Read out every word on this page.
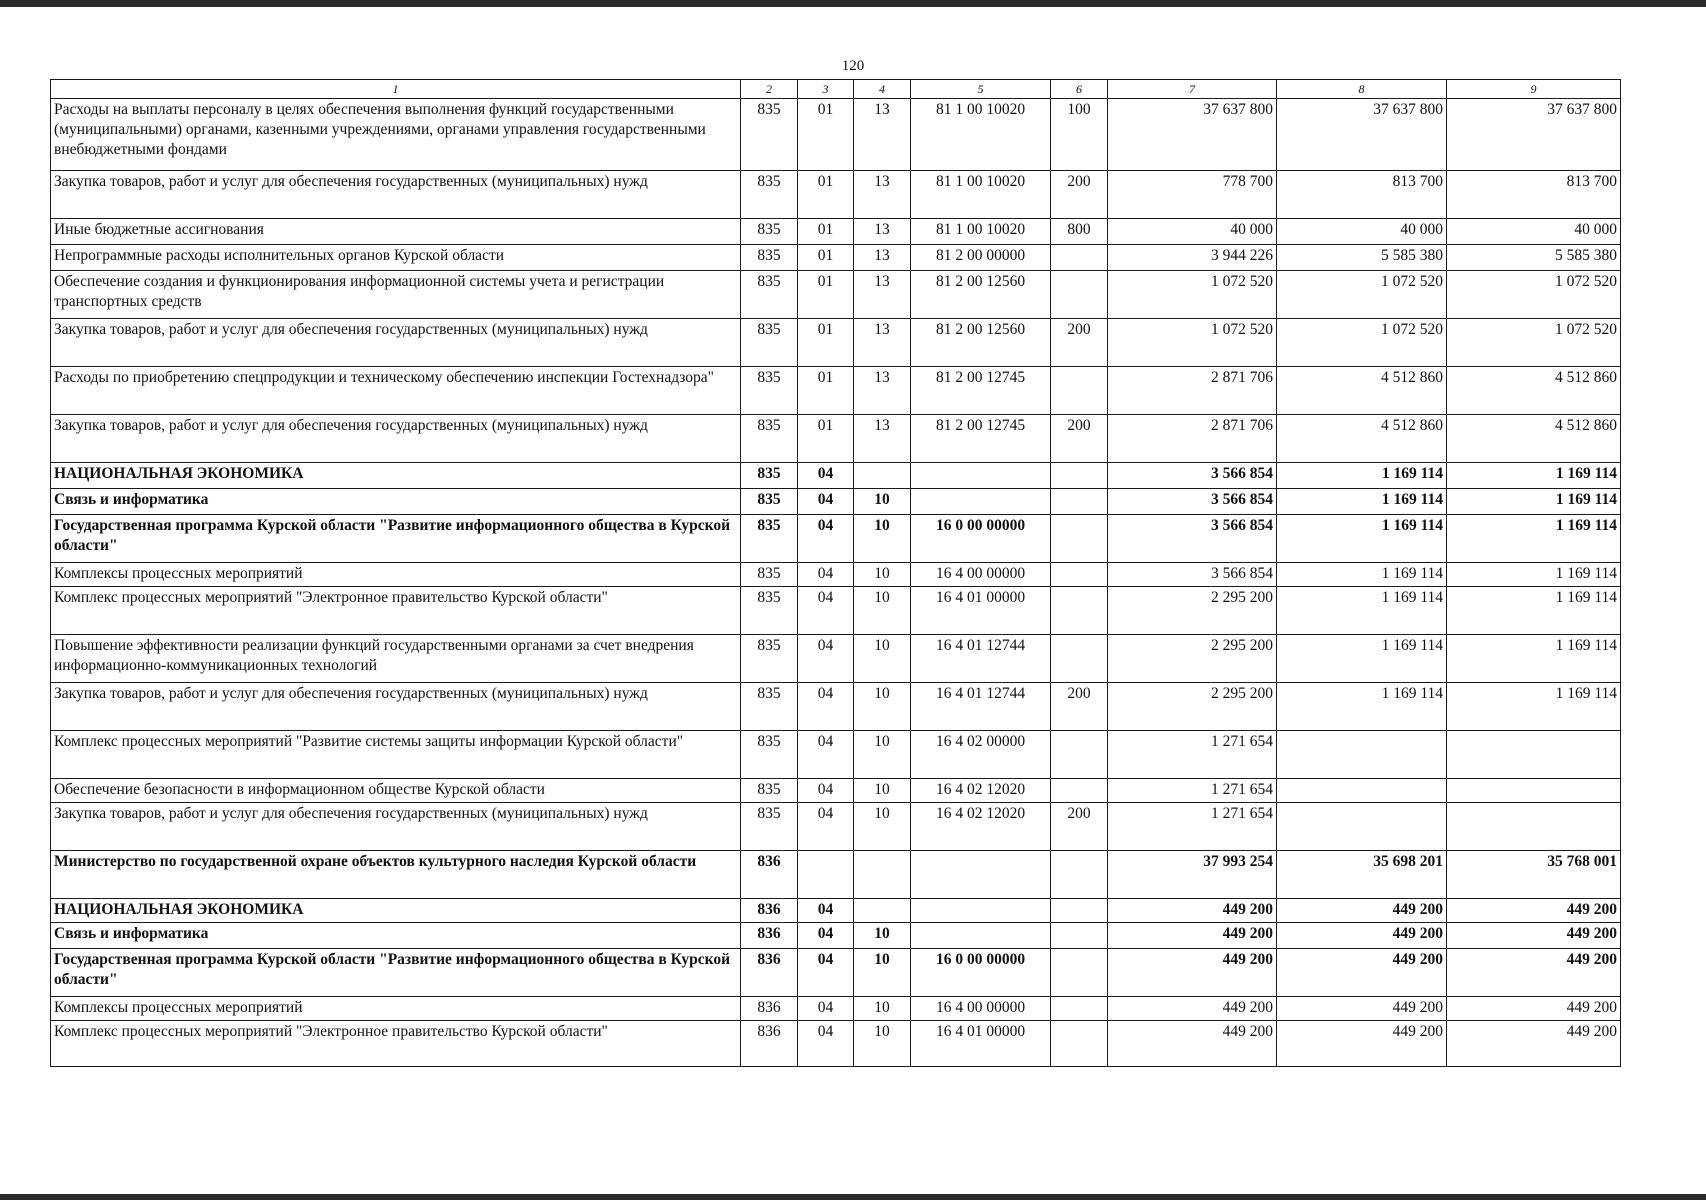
120
1	2	3	4	5	6	7	8	9
Расходы на выплаты персоналу в целях обеспечения выполнения функций государственными (муниципальными) органами, казенными учреждениями, органами управления государственными внебюджетными фондами	835	01	13	81 1 00 10020	100	37 637 800	37 637 800	37 637 800
Закупка товаров, работ и услуг для обеспечения государственных (муниципальных) нужд	835	01	13	81 1 00 10020	200	778 700	813 700	813 700
Иные бюджетные ассигнования	835	01	13	81 1 00 10020	800	40 000	40 000	40 000
Непрограммные расходы исполнительных органов Курской области	835	01	13	81 2 00 00000		3 944 226	5 585 380	5 585 380
Обеспечение создания и функционирования информационной системы учета и регистрации транспортных средств	835	01	13	81 2 00 12560		1 072 520	1 072 520	1 072 520
Закупка товаров, работ и услуг для обеспечения государственных (муниципальных) нужд	835	01	13	81 2 00 12560	200	1 072 520	1 072 520	1 072 520
Расходы по приобретению спецпродукции и техническому обеспечению инспекции Гостехнадзора"	835	01	13	81 2 00 12745		2 871 706	4 512 860	4 512 860
Закупка товаров, работ и услуг для обеспечения государственных (муниципальных) нужд	835	01	13	81 2 00 12745	200	2 871 706	4 512 860	4 512 860
НАЦИОНАЛЬНАЯ ЭКОНОМИКА	835	04				3 566 854	1 169 114	1 169 114
Связь и информатика	835	04	10			3 566 854	1 169 114	1 169 114
Государственная программа Курской области "Развитие информационного общества в Курской области"	835	04	10	16 0 00 00000		3 566 854	1 169 114	1 169 114
Комплексы процессных мероприятий	835	04	10	16 4 00 00000		3 566 854	1 169 114	1 169 114
Комплекс процессных мероприятий "Электронное правительство Курской области"	835	04	10	16 4 01 00000		2 295 200	1 169 114	1 169 114
Повышение эффективности реализации функций государственными органами за счет внедрения информационно-коммуникационных технологий	835	04	10	16 4 01 12744		2 295 200	1 169 114	1 169 114
Закупка товаров, работ и услуг для обеспечения государственных (муниципальных) нужд	835	04	10	16 4 01 12744	200	2 295 200	1 169 114	1 169 114
Комплекс процессных мероприятий "Развитие системы защиты информации Курской области"	835	04	10	16 4 02 00000		1 271 654		
Обеспечение безопасности в информационном обществе Курской области	835	04	10	16 4 02 12020		1 271 654		
Закупка товаров, работ и услуг для обеспечения государственных (муниципальных) нужд	835	04	10	16 4 02 12020	200	1 271 654		
Министерство по государственной охране объектов культурного наследия Курской области	836					37 993 254	35 698 201	35 768 001
НАЦИОНАЛЬНАЯ ЭКОНОМИКА	836	04				449 200	449 200	449 200
Связь и информатика	836	04	10			449 200	449 200	449 200
Государственная программа Курской области "Развитие информационного общества в Курской области"	836	04	10	16 0 00 00000		449 200	449 200	449 200
Комплексы процессных мероприятий	836	04	10	16 4 00 00000		449 200	449 200	449 200
Комплекс процессных мероприятий "Электронное правительство Курской области"	836	04	10	16 4 01 00000		449 200	449 200	449 200
